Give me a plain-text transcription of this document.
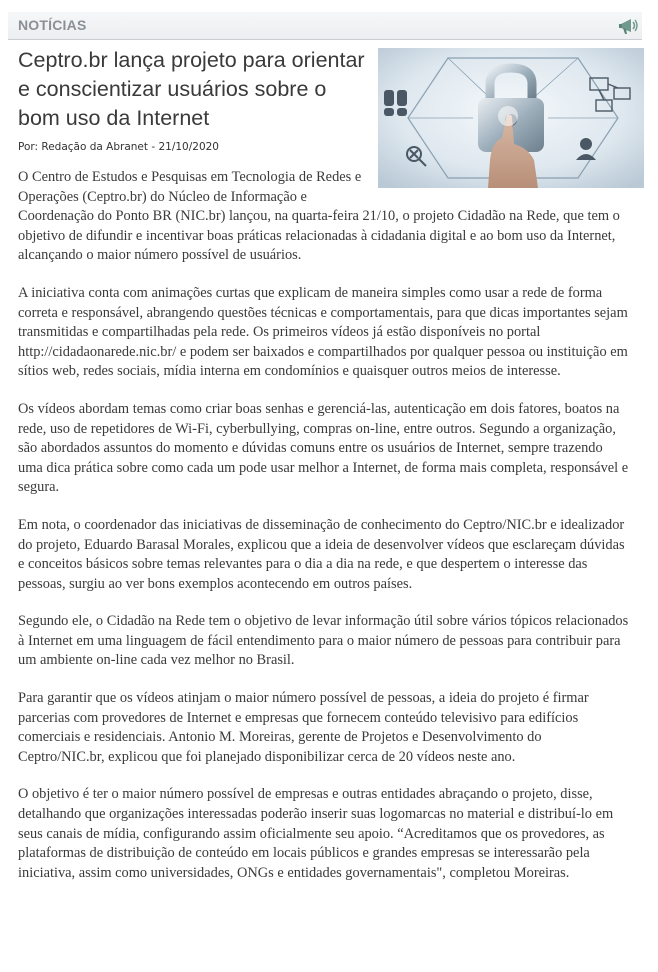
NOTÍCIAS
Ceptro.br lança projeto para orientar e conscientizar usuários sobre o bom uso da Internet
Por: Redação da Abranet - 21/10/2020

O Centro de Estudos e Pesquisas em Tecnologia de Redes e Operações (Ceptro.br) do Núcleo de Informação e Coordenação do Ponto BR (NIC.br) lançou, na quarta-feira 21/10, o projeto Cidadão na Rede, que tem o objetivo de difundir e incentivar boas práticas relacionadas à cidadania digital e ao bom uso da Internet, alcançando o maior número possível de usuários.

A iniciativa conta com animações curtas que explicam de maneira simples como usar a rede de forma correta e responsável, abrangendo questões técnicas e comportamentais, para que dicas importantes sejam transmitidas e compartilhadas pela rede. Os primeiros vídeos já estão disponíveis no portal http://cidadaonarede.nic.br/ e podem ser baixados e compartilhados por qualquer pessoa ou instituição em sítios web, redes sociais, mídia interna em condomínios e quaisquer outros meios de interesse.

Os vídeos abordam temas como criar boas senhas e gerenciá-las, autenticação em dois fatores, boatos na rede, uso de repetidores de Wi-Fi, cyberbullying, compras on-line, entre outros. Segundo a organização, são abordados assuntos do momento e dúvidas comuns entre os usuários de Internet, sempre trazendo uma dica prática sobre como cada um pode usar melhor a Internet, de forma mais completa, responsável e segura.

Em nota, o coordenador das iniciativas de disseminação de conhecimento do Ceptro/NIC.br e idealizador do projeto, Eduardo Barasal Morales, explicou que a ideia de desenvolver vídeos que esclareçam dúvidas e conceitos básicos sobre temas relevantes para o dia a dia na rede, e que despertem o interesse das pessoas, surgiu ao ver bons exemplos acontecendo em outros países.

Segundo ele, o Cidadão na Rede tem o objetivo de levar informação útil sobre vários tópicos relacionados à Internet em uma linguagem de fácil entendimento para o maior número de pessoas para contribuir para um ambiente on-line cada vez melhor no Brasil.

Para garantir que os vídeos atinjam o maior número possível de pessoas, a ideia do projeto é firmar parcerias com provedores de Internet e empresas que fornecem conteúdo televisivo para edifícios comerciais e residenciais. Antonio M. Moreiras, gerente de Projetos e Desenvolvimento do Ceptro/NIC.br, explicou que foi planejado disponibilizar cerca de 20 vídeos neste ano.

O objetivo é ter o maior número possível de empresas e outras entidades abraçando o projeto, disse, detalhando que organizações interessadas poderão inserir suas logomarcas no material e distribuí-lo em seus canais de mídia, configurando assim oficialmente seu apoio. “Acreditamos que os provedores, as plataformas de distribuição de conteúdo em locais públicos e grandes empresas se interessarão pela iniciativa, assim como universidades, ONGs e entidades governamentais", completou Moreiras.
